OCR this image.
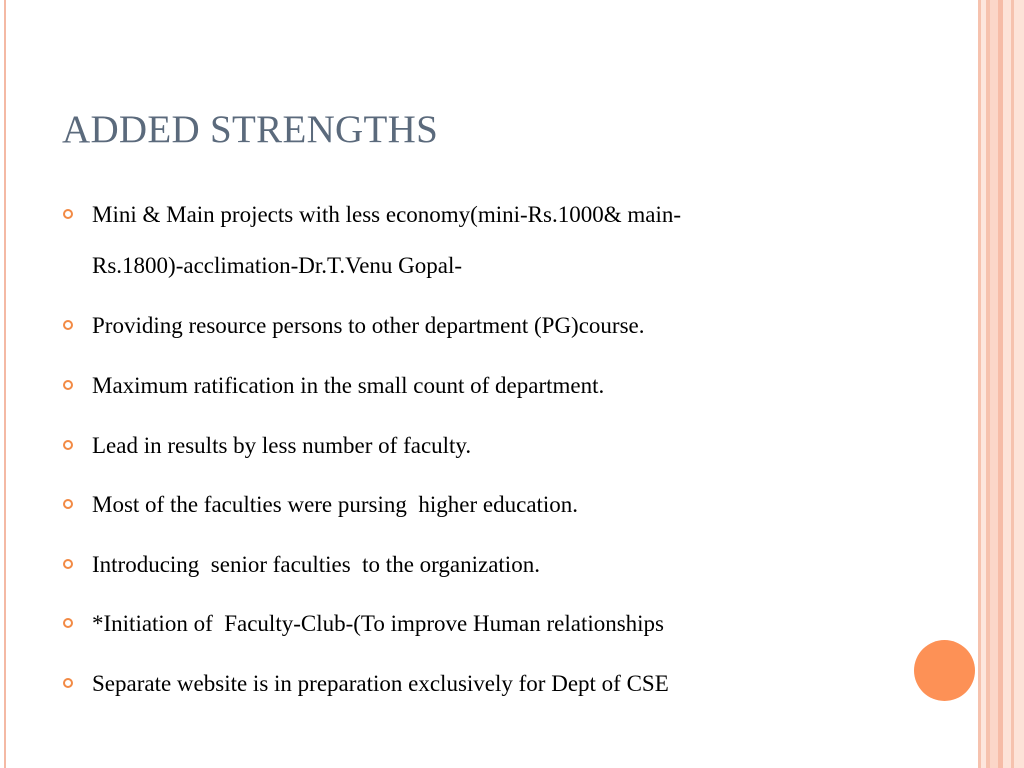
ADDED STRENGTHS
Mini & Main projects with less economy(mini-Rs.1000& main-
Rs.1800)-acclimation-Dr.T.Venu Gopal-
Providing resource persons to other department (PG)course.
Maximum ratification in the small count of department.
Lead in results by less number of faculty.
Most of the faculties were pursing  higher education.
Introducing  senior faculties  to the organization.
*Initiation of  Faculty-Club-(To improve Human relationships
Separate website is in preparation exclusively for Dept of CSE
